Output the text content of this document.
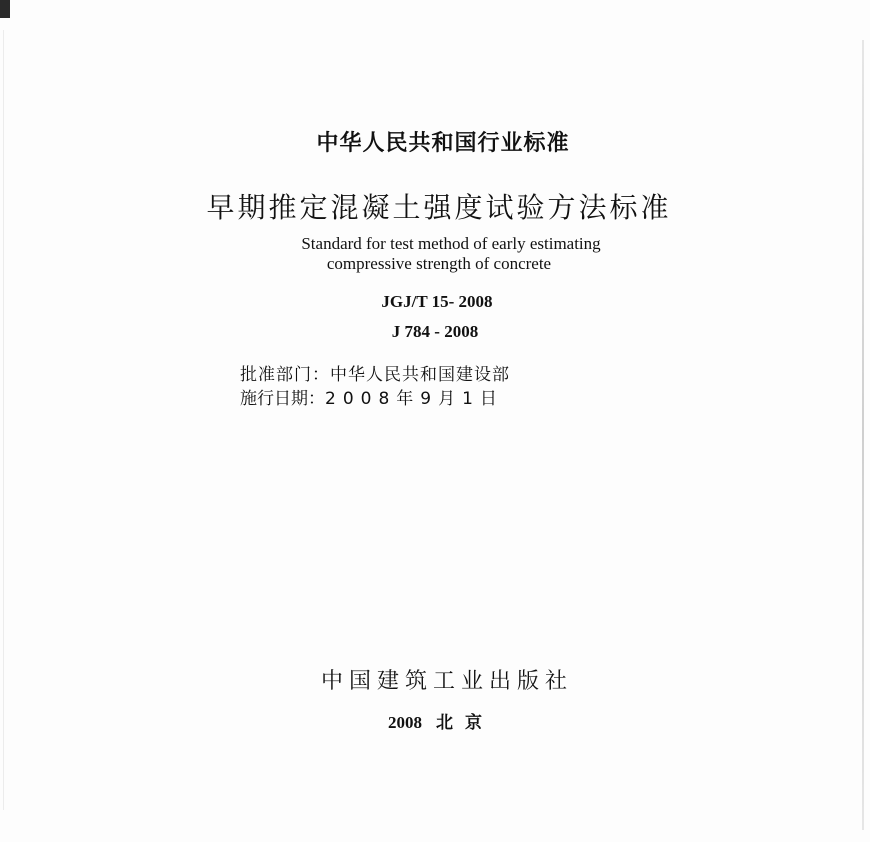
中华人民共和国行业标准
早期推定混凝土强度试验方法标准
Standard for test method of early estimating
compressive strength of concrete
JGJ/T 15- 2008
J 784 - 2008
批准部门：中华人民共和国建设部
施行日期：2008年9月1日
中国建筑工业出版社
2008 北京
